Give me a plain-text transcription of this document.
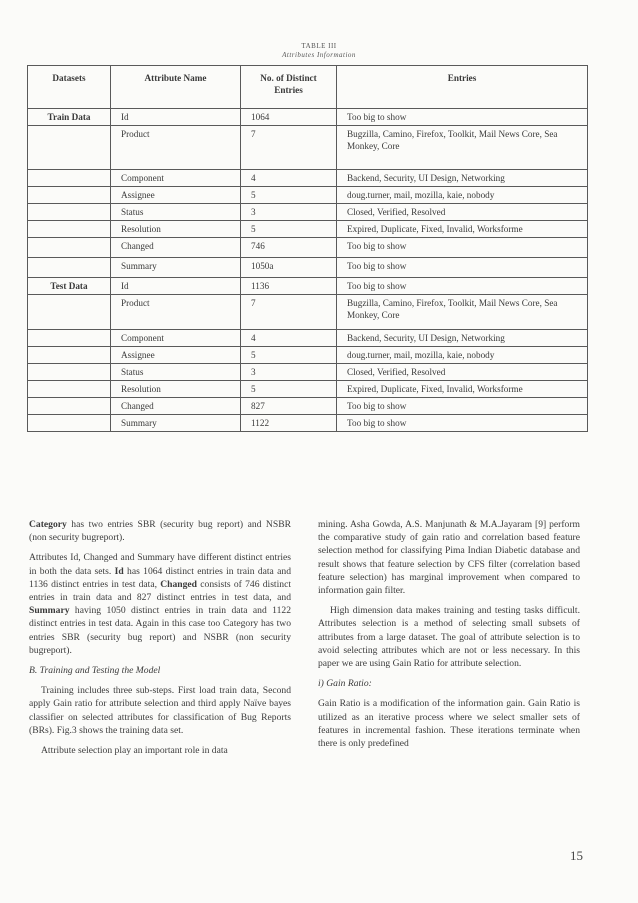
TABLE III
Attributes Information
Datasets	Attribute Name	No. of Distinct Entries	Entries
Train Data	Id	1064	Too big to show
	Product	7	Bugzilla, Camino, Firefox, Toolkit, Mail News Core, Sea Monkey, Core
	Component	4	Backend, Security, UI Design, Networking
	Assignee	5	doug.turner, mail, mozilla, kaie, nobody
	Status	3	Closed, Verified, Resolved
	Resolution	5	Expired, Duplicate, Fixed, Invalid, Worksforme
	Changed	746	Too big to show
	Summary	1050a	Too big to show
Test Data	Id	1136	Too big to show
	Product	7	Bugzilla, Camino, Firefox, Toolkit, Mail News Core, Sea Monkey, Core
	Component	4	Backend, Security, UI Design, Networking
	Assignee	5	doug.turner, mail, mozilla, kaie, nobody
	Status	3	Closed, Verified, Resolved
	Resolution	5	Expired, Duplicate, Fixed, Invalid, Worksforme
	Changed	827	Too big to show
	Summary	1122	Too big to show

Category has two entries SBR (security bug report) and NSBR (non security bugreport).

Attributes Id, Changed and Summary have different distinct entries in both the data sets. Id has 1064 distinct entries in train data and 1136 distinct entries in test data, Changed consists of 746 distinct entries in train data and 827 distinct entries in test data, and Summary having 1050 distinct entries in train data and 1122 distinct entries in test data. Again in this case too Category has two entries SBR (security bug report) and NSBR (non security bugreport).

B. Training and Testing the Model

Training includes three sub-steps. First load train data, Second apply Gain ratio for attribute selection and third apply Naïve bayes classifier on selected attributes for classification of Bug Reports (BRs). Fig.3 shows the training data set.

Attribute selection play an important role in data

mining. Asha Gowda, A.S. Manjunath & M.A.Jayaram [9] perform the comparative study of gain ratio and correlation based feature selection method for classifying Pima Indian Diabetic database and result shows that feature selection by CFS filter (correlation based feature selection) has marginal improvement when compared to information gain filter.

High dimension data makes training and testing tasks difficult. Attributes selection is a method of selecting small subsets of attributes from a large dataset. The goal of attribute selection is to avoid selecting attributes which are not or less necessary. In this paper we are using Gain Ratio for attribute selection.

i) Gain Ratio:

Gain Ratio is a modification of the information gain. Gain Ratio is utilized as an iterative process where we select smaller sets of features in incremental fashion. These iterations terminate when there is only predefined

15
